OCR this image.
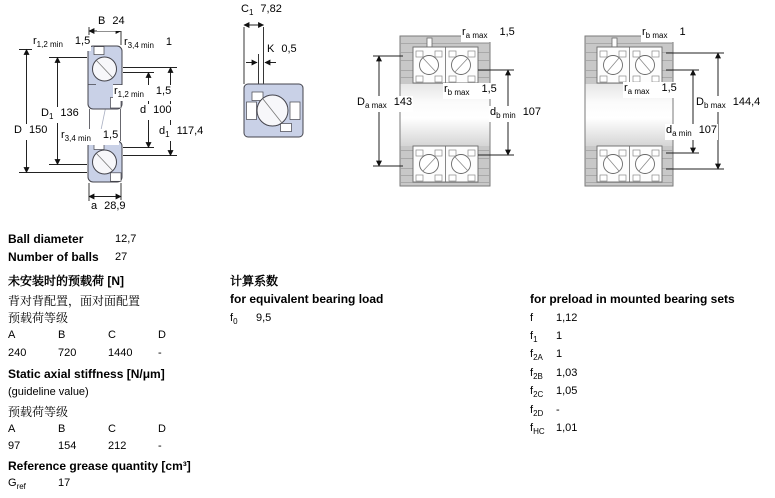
B 24
$r_{1,2 min}$ 1,5	$r_{3,4 min}$ 1
$D_1$ 136
D 150 $r_{3,4 min}$ 1,5
$r_{1,2 min}$ 1,5
d 100
$d_1$ 117,4
a 28,9
$C_1$ 7,82
K 0,5
$r_{a max}$ 1,5
$D_{a max}$ 143
$r_{b max}$ 1,5
$d_{b min}$ 107
$r_{b max}$ 1
$r_{a max}$ 1,5
$D_{b max}$ 144,4
$d_{a min}$ 107
Ball diameter	12,7
Number of balls 27
未安装时的预载荷 [N]
背对背配置，面对面配置
预载荷等级
A	B	C	D
240	720	1440 -
Static axial stiffness [N/μm]
(guideline value)
预载荷等级
A	B	C	D
97	154	212	-
Reference grease quantity [cm³]
$G_{ref}$	17
计算系数
for equivalent bearing load
$f_0$ 9,5
for preload in mounted bearing sets
f 1,12
$f_1$ 1
$f_{2A}$ 1
$f_{2B}$ 1,03
$f_{2C}$ 1,05
$f_{2D}$ -
$f_{HC}$ 1,01
